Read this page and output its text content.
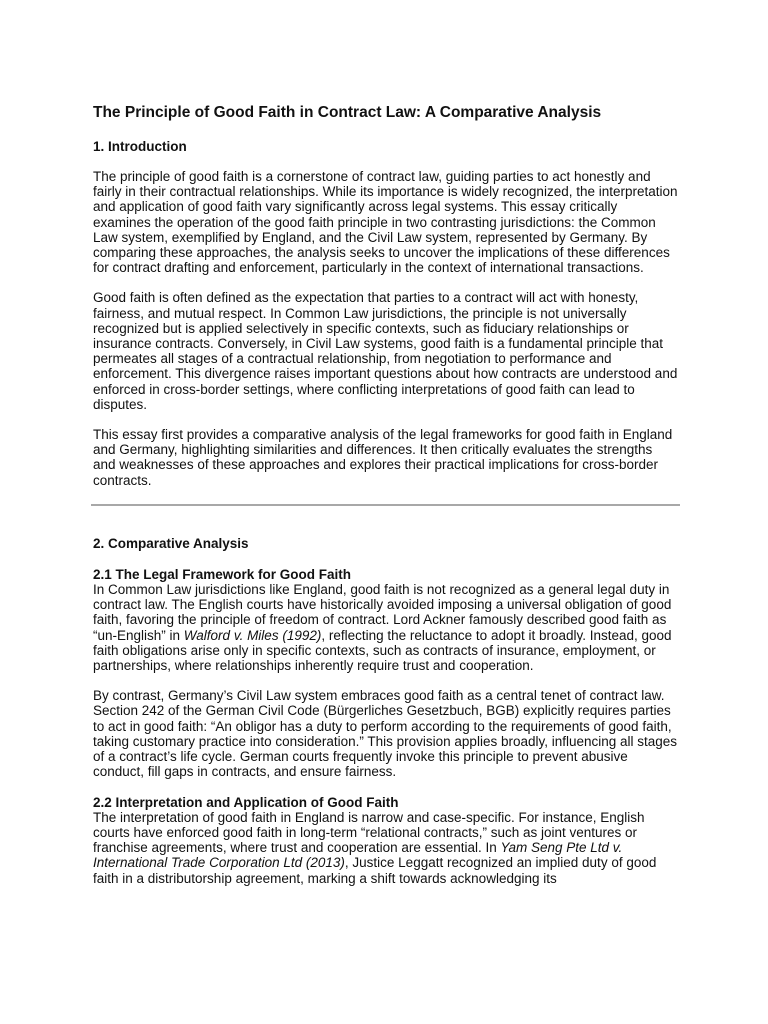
The Principle of Good Faith in Contract Law: A Comparative Analysis
1. Introduction

The principle of good faith is a cornerstone of contract law, guiding parties to act honestly and fairly in their contractual relationships. While its importance is widely recognized, the interpretation and application of good faith vary significantly across legal systems. This essay critically examines the operation of the good faith principle in two contrasting jurisdictions: the Common Law system, exemplified by England, and the Civil Law system, represented by Germany. By comparing these approaches, the analysis seeks to uncover the implications of these differences for contract drafting and enforcement, particularly in the context of international transactions.

Good faith is often defined as the expectation that parties to a contract will act with honesty, fairness, and mutual respect. In Common Law jurisdictions, the principle is not universally recognized but is applied selectively in specific contexts, such as fiduciary relationships or insurance contracts. Conversely, in Civil Law systems, good faith is a fundamental principle that permeates all stages of a contractual relationship, from negotiation to performance and enforcement. This divergence raises important questions about how contracts are understood and enforced in cross-border settings, where conflicting interpretations of good faith can lead to disputes.

This essay first provides a comparative analysis of the legal frameworks for good faith in England and Germany, highlighting similarities and differences. It then critically evaluates the strengths and weaknesses of these approaches and explores their practical implications for cross-border contracts.

2. Comparative Analysis

2.1 The Legal Framework for Good Faith
In Common Law jurisdictions like England, good faith is not recognized as a general legal duty in contract law. The English courts have historically avoided imposing a universal obligation of good faith, favoring the principle of freedom of contract. Lord Ackner famously described good faith as “un-English” in Walford v. Miles (1992), reflecting the reluctance to adopt it broadly. Instead, good faith obligations arise only in specific contexts, such as contracts of insurance, employment, or partnerships, where relationships inherently require trust and cooperation.

By contrast, Germany’s Civil Law system embraces good faith as a central tenet of contract law. Section 242 of the German Civil Code (Bürgerliches Gesetzbuch, BGB) explicitly requires parties to act in good faith: “An obligor has a duty to perform according to the requirements of good faith, taking customary practice into consideration.” This provision applies broadly, influencing all stages of a contract’s life cycle. German courts frequently invoke this principle to prevent abusive conduct, fill gaps in contracts, and ensure fairness.

2.2 Interpretation and Application of Good Faith
The interpretation of good faith in England is narrow and case-specific. For instance, English courts have enforced good faith in long-term “relational contracts,” such as joint ventures or franchise agreements, where trust and cooperation are essential. In Yam Seng Pte Ltd v. International Trade Corporation Ltd (2013), Justice Leggatt recognized an implied duty of good faith in a distributorship agreement, marking a shift towards acknowledging its
